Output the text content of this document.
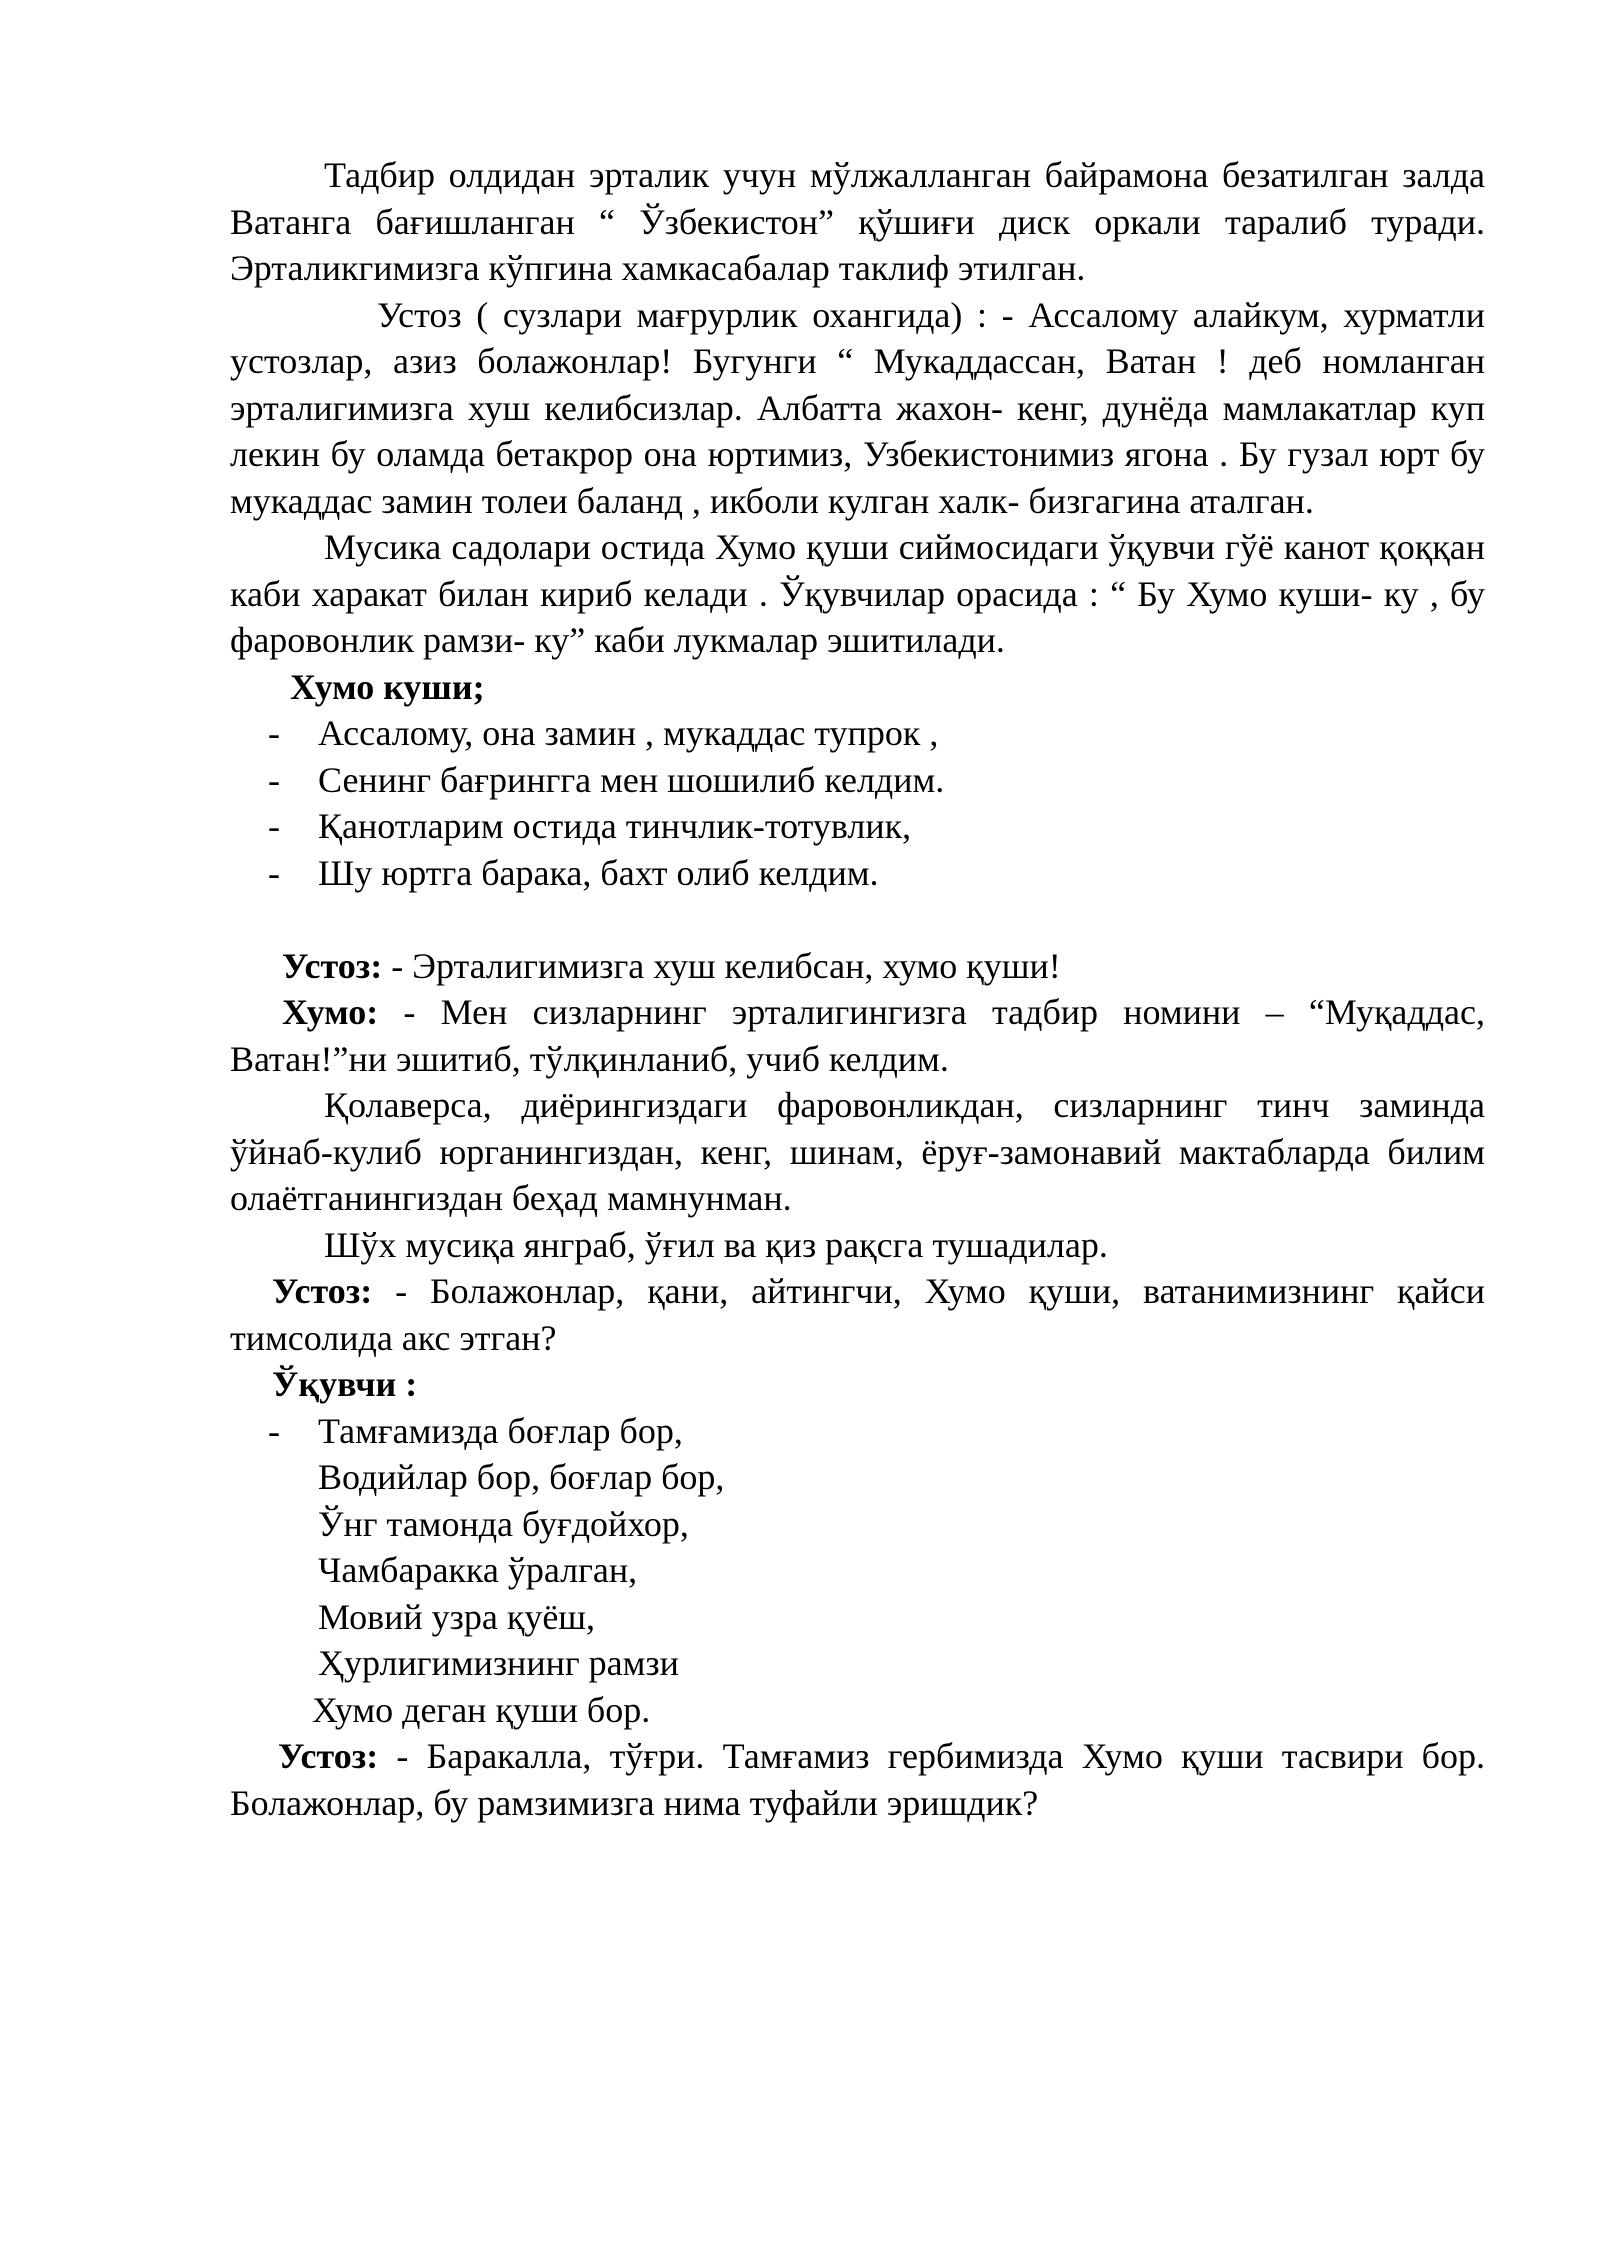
Тадбир олдидан эрталик учун мўлжалланган байрамона безатилган залда Ватанга бағишланган “ Ўзбекистон” қўшиғи диск оркали таралиб туради. Эрталикгимизга кўпгина хамкасабалар таклиф этилган.

Устоз ( сузлари мағрурлик охангида) : - Ассалому алайкум, хурматли устозлар, азиз болажонлар! Бугунги “ Мукаддассан, Ватан ! деб номланган эрталигимизга хуш келибсизлар. Албатта жахон- кенг, дунёда мамлакатлар куп лекин бу оламда бетакрор она юртимиз, Узбекистонимиз ягона . Бу гузал юрт бу мукаддас замин толеи баланд , икболи кулган халк- бизгагина аталган.

Мусика садолари остида Хумо қуши сиймосидаги ўқувчи гўё канот қоққан каби харакат билан кириб келади . Ўқувчилар орасида : “ Бу Хумо куши- ку , бу фаровонлик рамзи- ку” каби лукмалар эшитилади.

Хумо куши;

- Ассалому, она замин , мукаддас тупрок ,
- Сенинг бағрингга мен шошилиб келдим.
- Қанотларим остида тинчлик-тотувлик,
- Шу юртга барака, бахт олиб келдим.

Устоз: - Эрталигимизга хуш келибсан, хумо қуши!

Хумо: - Мен сизларнинг эрталигингизга тадбир номини – “Муқаддас, Ватан!”ни эшитиб, тўлқинланиб, учиб келдим.

Қолаверса, диёрингиздаги фаровонликдан, сизларнинг тинч заминда ўйнаб-кулиб юрганингиздан, кенг, шинам, ёруғ-замонавий мактабларда билим олаётганингиздан беҳад мамнунман.

Шўх мусиқа янграб, ўғил ва қиз рақсга тушадилар.

Устоз: - Болажонлар, қани, айтингчи, Хумо қуши, ватанимизнинг қайси тимсолида акс этган?

Ўқувчи :

- Тамғамизда боғлар бор,
Водийлар бор, боғлар бор,
Ўнг тамонда буғдойхор,
Чамбаракка ўралган,
Мовий узра қуёш,
Ҳурлигимизнинг рамзи
Хумо деган қуши бор.

Устоз: - Баракалла, тўғри. Тамғамиз гербимизда Хумо қуши тасвири бор. Болажонлар, бу рамзимизга нима туфайли эришдик?
